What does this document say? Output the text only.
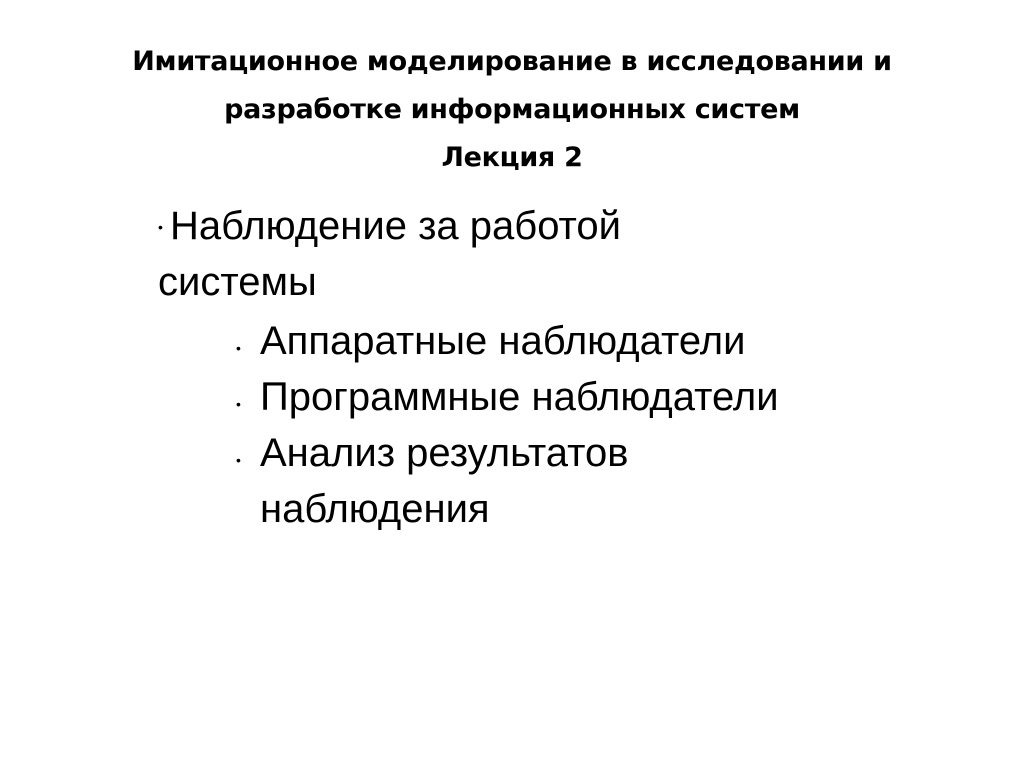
Имитационное моделирование в исследовании и
разработке информационных систем
Лекция 2
• Наблюдение за работой системы
• Аппаратные наблюдатели
• Программные наблюдатели
• Анализ результатов наблюдения
